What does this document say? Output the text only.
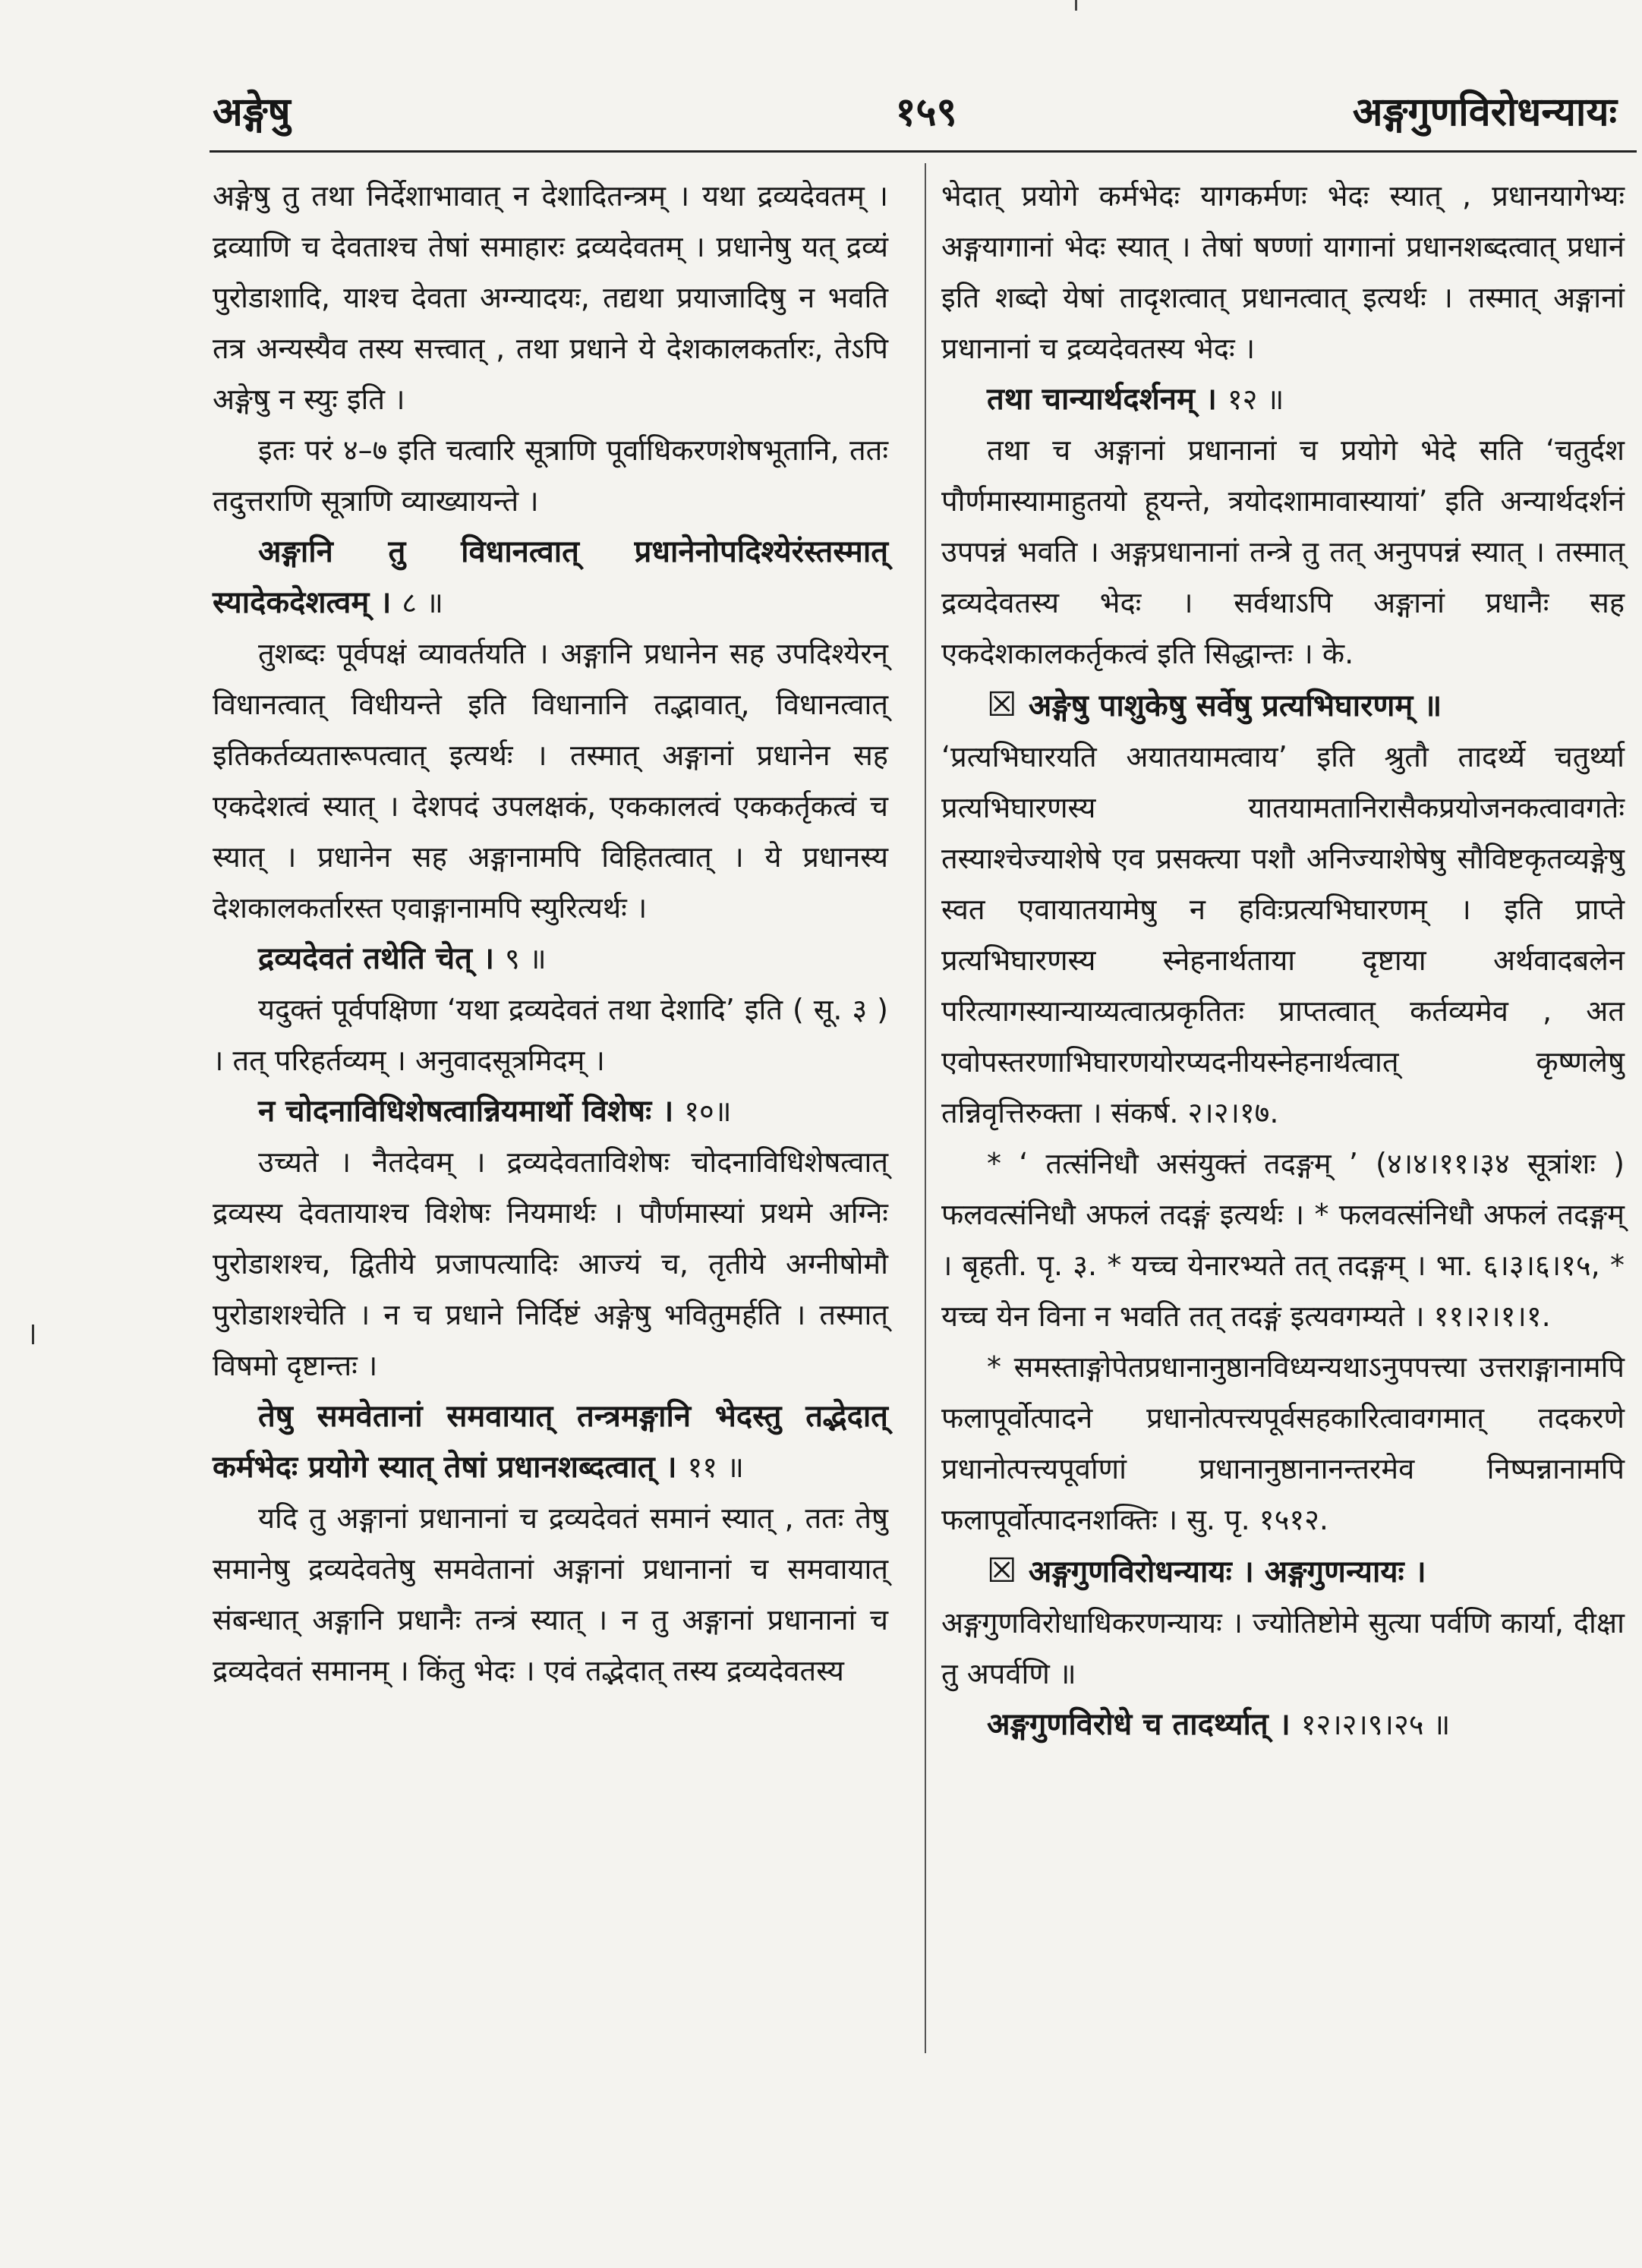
१५९
अङ्गेषु	अङ्गगुणविरोधन्यायः

अङ्गेषु तु तथा निर्देशाभावात् न देशादितन्त्रम् । यथा द्रव्यदेवतम् । द्रव्याणि च देवताश्च तेषां समाहारः द्रव्यदेवतम् । प्रधानेषु यत् द्रव्यं पुरोडाशादि, याश्च देवता अग्न्यादयः, तद्यथा प्रयाजादिषु न भवति तत्र अन्यस्यैव तस्य सत्त्वात् , तथा प्रधाने ये देशकालकर्तारः, तेऽपि अङ्गेषु न स्युः इति ।

इतः परं ४–७ इति चत्वारि सूत्राणि पूर्वाधिकरणशेषभूतानि, ततः तदुत्तराणि सूत्राणि व्याख्यायन्ते ।

अङ्गानि तु विधानत्वात् प्रधानेनोपदिश्येरंस्तस्मात् स्यादेकदेशत्वम् । ८ ॥

तुशब्दः पूर्वपक्षं व्यावर्तयति । अङ्गानि प्रधानेन सह उपदिश्येरन् विधानत्वात् विधीयन्ते इति विधानानि तद्भावात्, विधानत्वात् इतिकर्तव्यतारूपत्वात् इत्यर्थः । तस्मात् अङ्गानां प्रधानेन सह एकदेशत्वं स्यात् । देशपदं उपलक्षकं, एककालत्वं एककर्तृकत्वं च स्यात् । प्रधानेन सह अङ्गानामपि विहितत्वात् । ये प्रधानस्य देशकालकर्तारस्त एवाङ्गानामपि स्युरित्यर्थः ।

द्रव्यदेवतं तथेति चेत् । ९ ॥

यदुक्तं पूर्वपक्षिणा ‘यथा द्रव्यदेवतं तथा देशादि’ इति ( सू. ३ ) । तत् परिहर्तव्यम् । अनुवादसूत्रमिदम् ।

न चोदनाविधिशेषत्वान्नियमार्थो विशेषः । १०॥

उच्यते । नैतदेवम् । द्रव्यदेवताविशेषः चोदनाविधिशेषत्वात् द्रव्यस्य देवतायाश्च विशेषः नियमार्थः । पौर्णमास्यां प्रथमे अग्निः पुरोडाशश्च, द्वितीये प्रजापत्यादिः आज्यं च, तृतीये अग्नीषोमौ पुरोडाशश्चेति । न च प्रधाने निर्दिष्टं अङ्गेषु भवितुमर्हति । तस्मात् विषमो दृष्टान्तः ।

तेषु समवेतानां समवायात् तन्त्रमङ्गानि भेदस्तु तद्भेदात् कर्मभेदः प्रयोगे स्यात् तेषां प्रधानशब्दत्वात् । ११ ॥

यदि तु अङ्गानां प्रधानानां च द्रव्यदेवतं समानं स्यात् , ततः तेषु समानेषु द्रव्यदेवतेषु समवेतानां अङ्गानां प्रधानानां च समवायात् संबन्धात् अङ्गानि प्रधानैः तन्त्रं स्यात् । न तु अङ्गानां प्रधानानां च द्रव्यदेवतं समानम् । किंतु भेदः । एवं तद्भेदात् तस्य द्रव्यदेवतस्य

भेदात् प्रयोगे कर्मभेदः यागकर्मणः भेदः स्यात् , प्रधानयागेभ्यः अङ्गयागानां भेदः स्यात् । तेषां षण्णां यागानां प्रधानशब्दत्वात् प्रधानं इति शब्दो येषां तादृशत्वात् प्रधानत्वात् इत्यर्थः । तस्मात् अङ्गानां प्रधानानां च द्रव्यदेवतस्य भेदः ।

तथा चान्यार्थदर्शनम् । १२ ॥

तथा च अङ्गानां प्रधानानां च प्रयोगे भेदे सति ‘चतुर्दश पौर्णमास्यामाहुतयो हूयन्ते, त्रयोदशामावास्यायां’ इति अन्यार्थदर्शनं उपपन्नं भवति । अङ्गप्रधानानां तन्त्रे तु तत् अनुपपन्नं स्यात् । तस्मात् द्रव्यदेवतस्य भेदः । सर्वथाऽपि अङ्गानां प्रधानैः सह एकदेशकालकर्तृकत्वं इति सिद्धान्तः । के.

☒ अङ्गेषु पाशुकेषु सर्वेषु प्रत्यभिघारणम् ॥

‘प्रत्यभिघारयति अयातयामत्वाय’ इति श्रुतौ तादर्थ्ये चतुर्थ्या प्रत्यभिघारणस्य यातयामतानिरासैकप्रयोजनकत्वावगतेः तस्याश्चेज्याशेषे एव प्रसक्त्या पशौ अनिज्याशेषेषु सौविष्टकृतव्यङ्गेषु स्वत एवायातयामेषु न हविःप्रत्यभिघारणम् । इति प्राप्ते प्रत्यभिघारणस्य स्नेहनार्थताया दृष्टाया अर्थवादबलेन परित्यागस्यान्याय्यत्वात्प्रकृतितः प्राप्तत्वात् कर्तव्यमेव , अत एवोपस्तरणाभिघारणयोरप्यदनीयस्नेहनार्थत्वात् कृष्णलेषु तन्निवृत्तिरुक्ता । संकर्ष. २।२।१७.

* ‘ तत्संनिधौ असंयुक्तं तदङ्गम् ’ (४।४।११।३४ सूत्रांशः ) फलवत्संनिधौ अफलं तदङ्गं इत्यर्थः । * फलवत्संनिधौ अफलं तदङ्गम् । बृहती. पृ. ३. * यच्च येनारभ्यते तत् तदङ्गम् । भा. ६।३।६।१५, * यच्च येन विना न भवति तत् तदङ्गं इत्यवगम्यते । ११।२।१।१.

* समस्ताङ्गोपेतप्रधानानुष्ठानविध्यन्यथाऽनुपपत्त्या उत्तराङ्गानामपि फलापूर्वोत्पादने प्रधानोत्पत्त्यपूर्वसहकारित्वावगमात् तदकरणे प्रधानोत्पत्त्यपूर्वाणां प्रधानानुष्ठानानन्तरमेव निष्पन्नानामपि फलापूर्वोत्पादनशक्तिः । सु. पृ. १५१२.

☒ अङ्गगुणविरोधन्यायः । अङ्गगुणन्यायः ।

अङ्गगुणविरोधाधिकरणन्यायः । ज्योतिष्टोमे सुत्या पर्वणि कार्या, दीक्षा तु अपर्वणि ॥

अङ्गगुणविरोधे च तादर्थ्यात् । १२।२।९।२५ ॥
